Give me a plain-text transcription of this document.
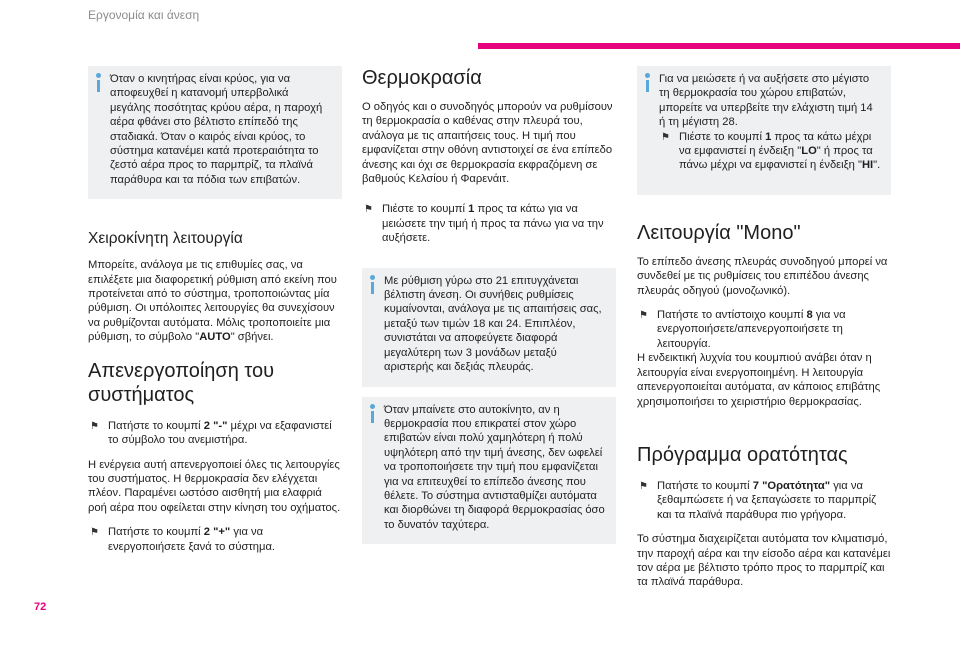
Εργονομία και άνεση
Όταν ο κινητήρας είναι κρύος, για να αποφευχθεί η κατανομή υπερβολικά μεγάλης ποσότητας κρύου αέρα, η παροχή αέρα φθάνει στο βέλτιστο επίπεδό της σταδιακά. Όταν ο καιρός είναι κρύος, το σύστημα κατανέμει κατά προτεραιότητα το ζεστό αέρα προς το παρμπρίζ, τα πλαϊνά παράθυρα και τα πόδια των επιβατών.
Χειροκίνητη λειτουργία

Μπορείτε, ανάλογα με τις επιθυμίες σας, να επιλέξετε μια διαφορετική ρύθμιση από εκείνη που προτείνεται από το σύστημα, τροποποιώντας μία ρύθμιση. Οι υπόλοιπες λειτουργίες θα συνεχίσουν να ρυθμίζονται αυτόματα. Μόλις τροποποιείτε μια ρύθμιση, το σύμβολο "AUTO" σβήνει.

Απενεργοποίηση του συστήματος
⚑ Πατήστε το κουμπί 2 "-" μέχρι να εξαφανιστεί το σύμβολο του ανεμιστήρα.

Η ενέργεια αυτή απενεργοποιεί όλες τις λειτουργίες του συστήματος. Η θερμοκρασία δεν ελέγχεται πλέον. Παραμένει ωστόσο αισθητή μια ελαφριά ροή αέρα που οφείλεται στην κίνηση του οχήματος.

⚑ Πατήστε το κουμπί 2 "+" για να ενεργοποιήσετε ξανά το σύστημα.
Θερμοκρασία

Ο οδηγός και ο συνοδηγός μπορούν να ρυθμίσουν τη θερμοκρασία ο καθένας στην πλευρά του, ανάλογα με τις απαιτήσεις τους. Η τιμή που εμφανίζεται στην οθόνη αντιστοιχεί σε ένα επίπεδο άνεσης και όχι σε θερμοκρασία εκφραζόμενη σε βαθμούς Κελσίου ή Φαρενάιτ.

⚑ Πιέστε το κουμπί 1 προς τα κάτω για να μειώσετε την τιμή ή προς τα πάνω για να την αυξήσετε.
Με ρύθμιση γύρω στο 21 επιτυγχάνεται βέλτιστη άνεση. Οι συνήθεις ρυθμίσεις κυμαίνονται, ανάλογα με τις απαιτήσεις σας, μεταξύ των τιμών 18 και 24. Επιπλέον, συνιστάται να αποφεύγετε διαφορά μεγαλύτερη των 3 μονάδων μεταξύ αριστερής και δεξιάς πλευράς.
Όταν μπαίνετε στο αυτοκίνητο, αν η θερμοκρασία που επικρατεί στον χώρο επιβατών είναι πολύ χαμηλότερη ή πολύ υψηλότερη από την τιμή άνεσης, δεν ωφελεί να τροποποιήσετε την τιμή που εμφανίζεται για να επιτευχθεί το επίπεδο άνεσης που θέλετε. Το σύστημα αντισταθμίζει αυτόματα και διορθώνει τη διαφορά θερμοκρασίας όσο το δυνατόν ταχύτερα.
Για να μειώσετε ή να αυξήσετε στο μέγιστο τη θερμοκρασία του χώρου επιβατών, μπορείτε να υπερβείτε την ελάχιστη τιμή 14 ή τη μέγιστη 28.
⚑ Πιέστε το κουμπί 1 προς τα κάτω μέχρι να εμφανιστεί η ένδειξη "LO" ή προς τα πάνω μέχρι να εμφανιστεί η ένδειξη "HI".
Λειτουργία "Mono"

Το επίπεδο άνεσης πλευράς συνοδηγού μπορεί να συνδεθεί με τις ρυθμίσεις του επιπέδου άνεσης πλευράς οδηγού (μονοζωνικό).

⚑ Πατήστε το αντίστοιχο κουμπί 8 για να ενεργοποιήσετε/απενεργοποιήσετε τη λειτουργία.

Η ενδεικτική λυχνία του κουμπιού ανάβει όταν η λειτουργία είναι ενεργοποιημένη. Η λειτουργία απενεργοποιείται αυτόματα, αν κάποιος επιβάτης χρησιμοποιήσει το χειριστήριο θερμοκρασίας.

Πρόγραμμα ορατότητας
⚑ Πατήστε το κουμπί 7 "Ορατότητα" για να ξεθαμπώσετε ή να ξεπαγώσετε το παρμπρίζ και τα πλαϊνά παράθυρα πιο γρήγορα.

Το σύστημα διαχειρίζεται αυτόματα τον κλιματισμό, την παροχή αέρα και την είσοδο αέρα και κατανέμει τον αέρα με βέλτιστο τρόπο προς το παρμπρίζ και τα πλαϊνά παράθυρα.

72
